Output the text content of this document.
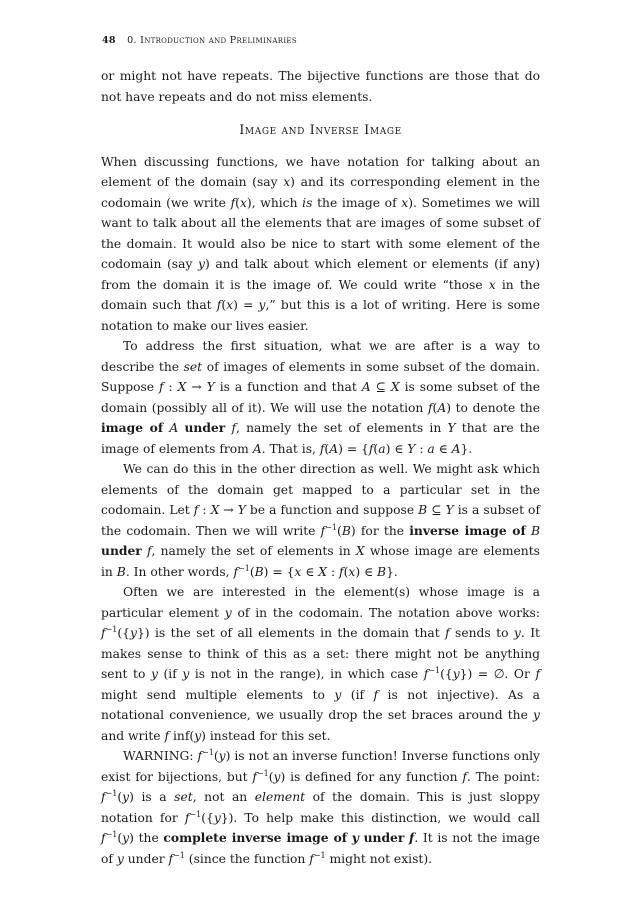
48 0. Introduction and Preliminaries

or might not have repeats. The bijective functions are those that do not have repeats and do not miss elements.

Image and Inverse Image

When discussing functions, we have notation for talking about an element of the domain (say x) and its corresponding element in the codomain (we write f(x), which is the image of x). Sometimes we will want to talk about all the elements that are images of some subset of the domain. It would also be nice to start with some element of the codomain (say y) and talk about which element or elements (if any) from the domain it is the image of. We could write “those x in the domain such that f(x) = y,” but this is a lot of writing. Here is some notation to make our lives easier.

To address the first situation, what we are after is a way to describe the set of images of elements in some subset of the domain. Suppose f : X → Y is a function and that A ⊆ X is some subset of the domain (possibly all of it). We will use the notation f(A) to denote the image of A under f, namely the set of elements in Y that are the image of elements from A. That is, f(A) = {f(a) ∈ Y : a ∈ A}.

We can do this in the other direction as well. We might ask which elements of the domain get mapped to a particular set in the codomain. Let f : X → Y be a function and suppose B ⊆ Y is a subset of the codomain. Then we will write $f^{-1}(B)$ for the inverse image of B under f, namely the set of elements in X whose image are elements in B. In other words, $f^{-1}(B) = \{x$ ∈ X : f(x) ∈ B}.

Often we are interested in the element(s) whose image is a particular element y of in the codomain. The notation above works: $f^{-1}(\{y\})$ is the set of all elements in the domain that f sends to y. It makes sense to think of this as a set: there might not be anything sent to y (if y is not in the range), in which case $f^{-1}(\{y\})$ = ∅. Or f might send multiple elements to y (if f is not injective). As a notational convenience, we usually drop the set braces around the y and write f inf(y) instead for this set.

WARNING: $f^{-1}(y)$ is not an inverse function! Inverse functions only exist for bijections, but $f^{-1}(y)$ is defined for any function f. The point: $f^{-1}(y)$ is a set, not an element of the domain. This is just sloppy notation for $f^{-1}(\{y\})$. To help make this distinction, we would call $f^{-1}(y)$ the complete inverse image of y under f. It is not the image of y under $f^{-1}$ (since the function $f^{-1}$ might not exist).
